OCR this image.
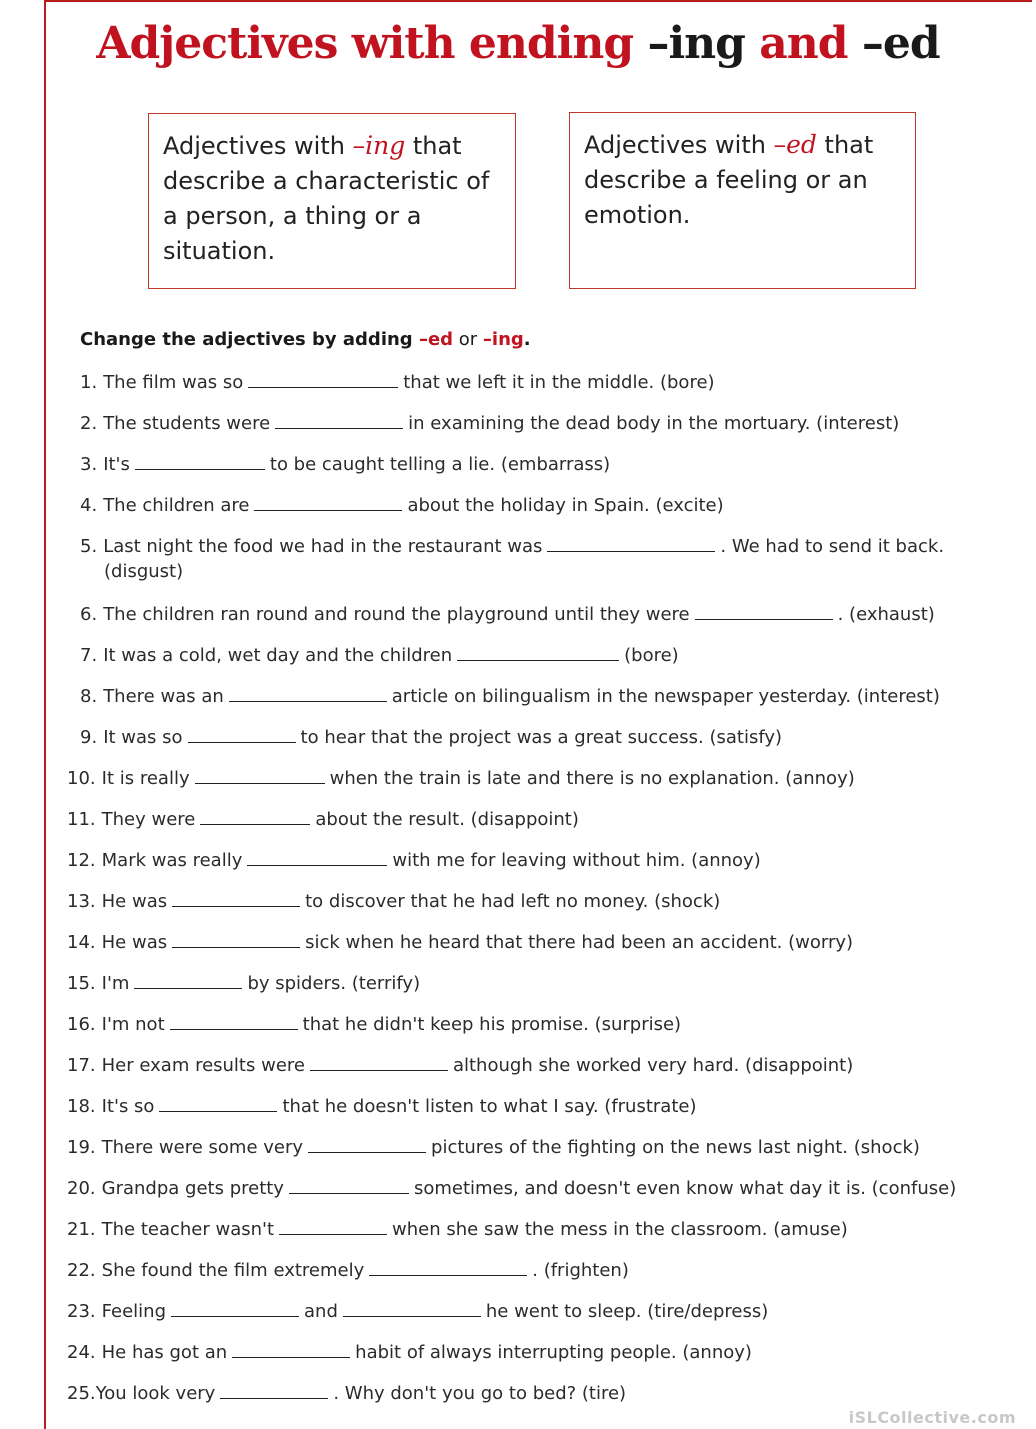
Adjectives with ending –ing and –ed
Adjectives with –ing that describe a characteristic of a person, a thing or a situation.
Adjectives with –ed that describe a feeling or an emotion.
Change the adjectives by adding –ed or –ing.
1. The film was so	that we left it in the middle. (bore)
2. The students were	in examining the dead body in the mortuary. (interest)
3. It's	to be caught telling a lie. (embarrass)
4. The children are	about the holiday in Spain. (excite)
5. Last night the food we had in the restaurant was	. We had to send it back.
(disgust)
6. The children ran round and round the playground until they were	. (exhaust)
7. It was a cold, wet day and the children	(bore)
8. There was an	article on bilingualism in the newspaper yesterday. (interest)
9. It was so	to hear that the project was a great success. (satisfy)
10. It is really	when the train is late and there is no explanation. (annoy)
11. They were	about the result. (disappoint)
12. Mark was really	with me for leaving without him. (annoy)
13. He was	to discover that he had left no money. (shock)
14. He was	sick when he heard that there had been an accident. (worry)
15. I'm	by spiders. (terrify)
16. I'm not	that he didn't keep his promise. (surprise)
17. Her exam results were	although she worked very hard. (disappoint)
18. It's so	that he doesn't listen to what I say. (frustrate)
19. There were some very	pictures of the fighting on the news last night. (shock)
20. Grandpa gets pretty	sometimes, and doesn't even know what day it is. (confuse)
21. The teacher wasn't	when she saw the mess in the classroom. (amuse)
22. She found the film extremely	. (frighten)
23. Feeling	and	he went to sleep. (tire/depress)
24. He has got an	habit of always interrupting people. (annoy)
25.You look very	. Why don't you go to bed? (tire)
iSLCollective.com
